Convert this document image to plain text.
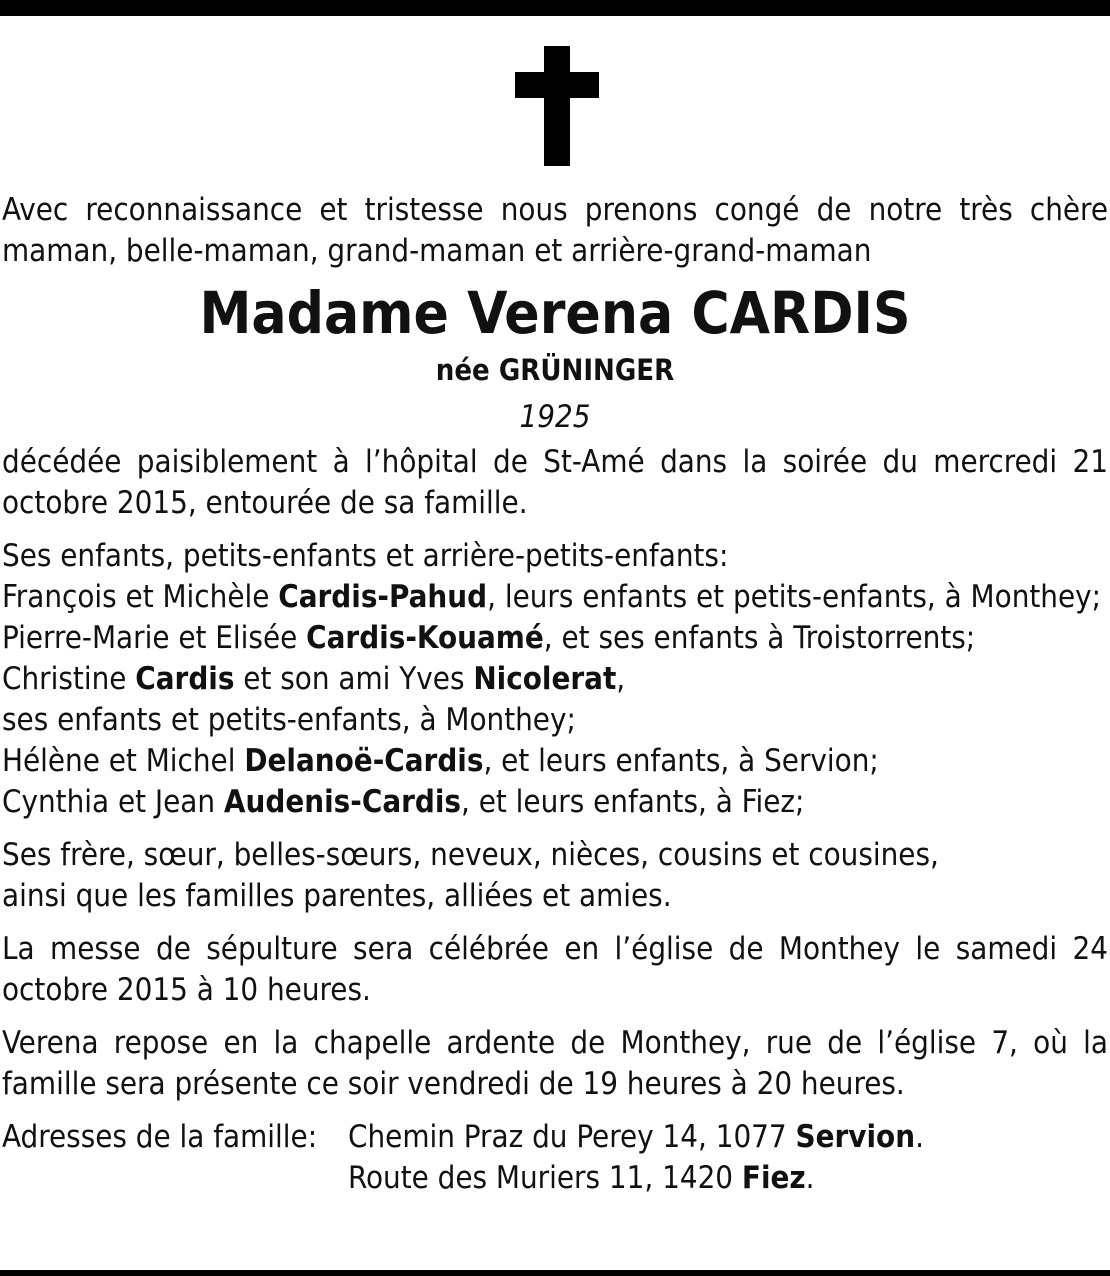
Avec reconnaissance et tristesse nous prenons congé de notre très chère maman, belle-maman, grand-maman et arrière-grand-maman

Madame Verena CARDIS

née GRÜNINGER

1925

décédée paisiblement à l’hôpital de St-Amé dans la soirée du mercredi 21 octobre 2015, entourée de sa famille.

Ses enfants, petits-enfants et arrière-petits-enfants:
François et Michèle Cardis-Pahud, leurs enfants et petits-enfants, à Monthey;
Pierre-Marie et Elisée Cardis-Kouamé, et ses enfants à Troistorrents;
Christine Cardis et son ami Yves Nicolerat,
ses enfants et petits-enfants, à Monthey;
Hélène et Michel Delanoë-Cardis, et leurs enfants, à Servion;
Cynthia et Jean Audenis-Cardis, et leurs enfants, à Fiez;
Ses frère, sœur, belles-sœurs, neveux, nièces, cousins et cousines,
ainsi que les familles parentes, alliées et amies.

La messe de sépulture sera célébrée en l’église de Monthey le samedi 24 octobre 2015 à 10 heures.

Verena repose en la chapelle ardente de Monthey, rue de l’église 7, où la famille sera présente ce soir vendredi de 19 heures à 20 heures.

Adresses de la famille: Chemin Praz du Perey 14, 1077 Servion.
Route des Muriers 11, 1420 Fiez.
